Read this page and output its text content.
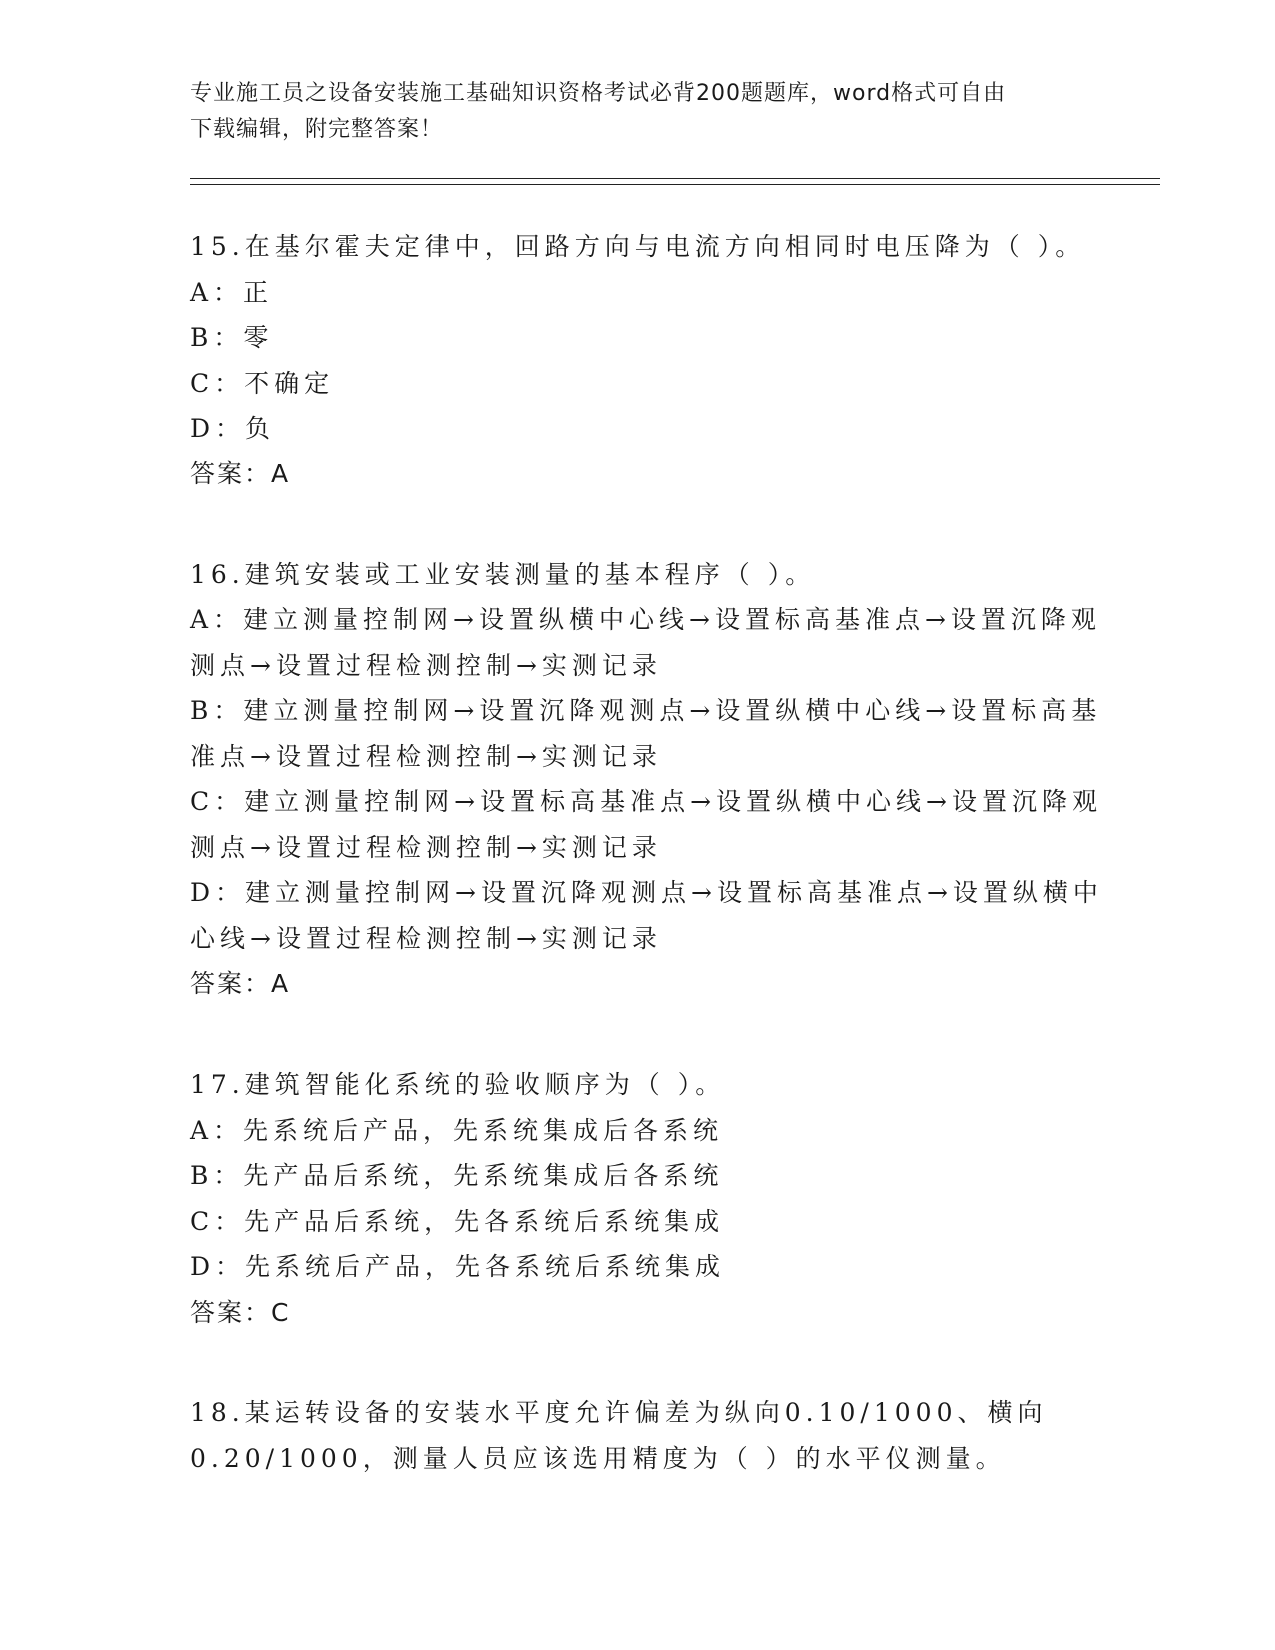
专业施工员之设备安装施工基础知识资格考试必背200题题库，word格式可自由
下载编辑，附完整答案！
15.在基尔霍夫定律中，回路方向与电流方向相同时电压降为（ ）。
A：正
B：零
C：不确定
D：负
答案：A
16.建筑安装或工业安装测量的基本程序（ ）。
A：建立测量控制网→设置纵横中心线→设置标高基准点→设置沉降观
测点→设置过程检测控制→实测记录
B：建立测量控制网→设置沉降观测点→设置纵横中心线→设置标高基
准点→设置过程检测控制→实测记录
C：建立测量控制网→设置标高基准点→设置纵横中心线→设置沉降观
测点→设置过程检测控制→实测记录
D：建立测量控制网→设置沉降观测点→设置标高基准点→设置纵横中
心线→设置过程检测控制→实测记录
答案：A
17.建筑智能化系统的验收顺序为（ ）。
A：先系统后产品，先系统集成后各系统
B：先产品后系统，先系统集成后各系统
C：先产品后系统，先各系统后系统集成
D：先系统后产品，先各系统后系统集成
答案：C
18.某运转设备的安装水平度允许偏差为纵向0.10/1000、横向
0.20/1000，测量人员应该选用精度为（ ）的水平仪测量。
